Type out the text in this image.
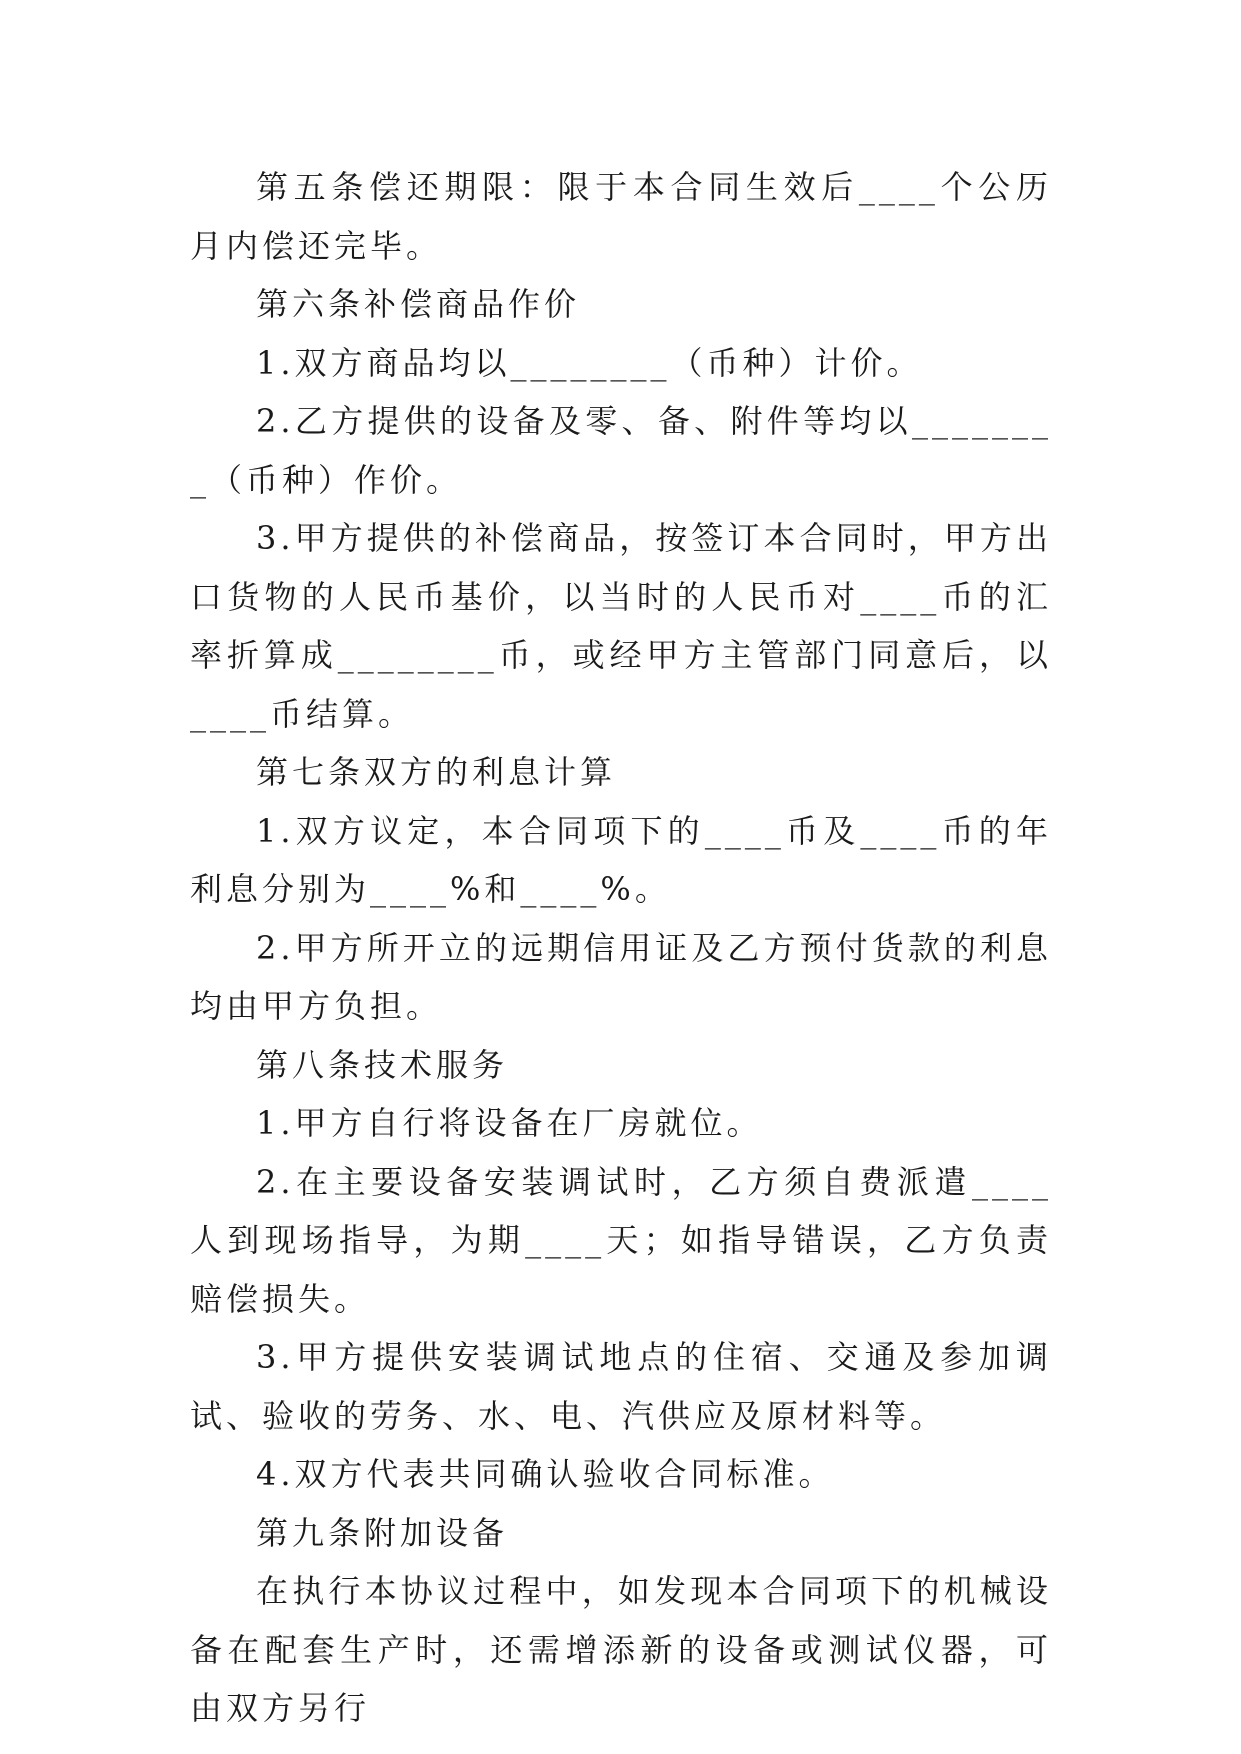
第五条偿还期限：限于本合同生效后____个公历月内偿还完毕。

第六条补偿商品作价

1.双方商品均以________（币种）计价。

2.乙方提供的设备及零、备、附件等均以________（币种）作价。

3.甲方提供的补偿商品，按签订本合同时，甲方出口货物的人民币基价，以当时的人民币对____币的汇率折算成________币，或经甲方主管部门同意后，以____币结算。

第七条双方的利息计算

1.双方议定，本合同项下的____币及____币的年利息分别为____%和____%。

2.甲方所开立的远期信用证及乙方预付货款的利息均由甲方负担。

第八条技术服务

1.甲方自行将设备在厂房就位。

2.在主要设备安装调试时，乙方须自费派遣____人到现场指导，为期____天；如指导错误，乙方负责赔偿损失。

3.甲方提供安装调试地点的住宿、交通及参加调试、验收的劳务、水、电、汽供应及原材料等。

4.双方代表共同确认验收合同标准。

第九条附加设备

在执行本协议过程中，如发现本合同项下的机械设备在配套生产时，还需增添新的设备或测试仪器，可由双方另行
